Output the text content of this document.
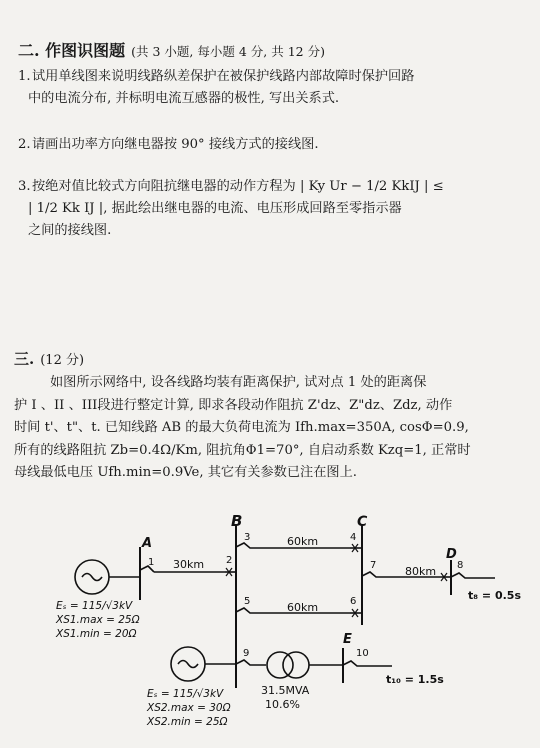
二. 作图识图题 (共 3 小题, 每小题 4 分, 共 12 分)
1.试用单线图来说明线路纵差保护在被保护线路内部故障时保护回路
中的电流分布, 并标明电流互感器的极性, 写出关系式.
2.请画出功率方向继电器按 90° 接线方式的接线图.
3.按绝对值比较式方向阻抗继电器的动作方程为 | Ky Ur − 1/2 KkIJ | ≤
| 1/2 Kk IJ |, 据此绘出继电器的电流、电压形成回路至零指示器
之间的接线图.
三. (12 分)
如图所示网络中, 设各线路均装有距离保护, 试对点 1 处的距离保
护 I 、II 、III段进行整定计算, 即求各段动作阻抗 Z'dz、Z"dz、Zdz, 动作
时间 t'、t"、t. 已知线路 AB 的最大负荷电流为 Ifh.max=350A, cosΦ=0.9,
所有的线路阻抗 Zb=0.4Ω/Km, 阻抗角Φ1=70°, 自启动系数 Kzq=1, 正常时
母线最低电压 Ufh.min=0.9Ve, 其它有关参数已注在图上.
A
B	C
D
E
1	2
3	4
5	6
7	8
9	10
30km
60km
60km
80km
Eₛ = 115/√3kV
XS1.max = 25Ω
XS1.min = 20Ω
Eₛ = 115/√3kV
XS2.max = 30Ω
XS2.min = 25Ω
31.5MVA
10.6%
t₈ = 0.5s
t₁₀ = 1.5s
